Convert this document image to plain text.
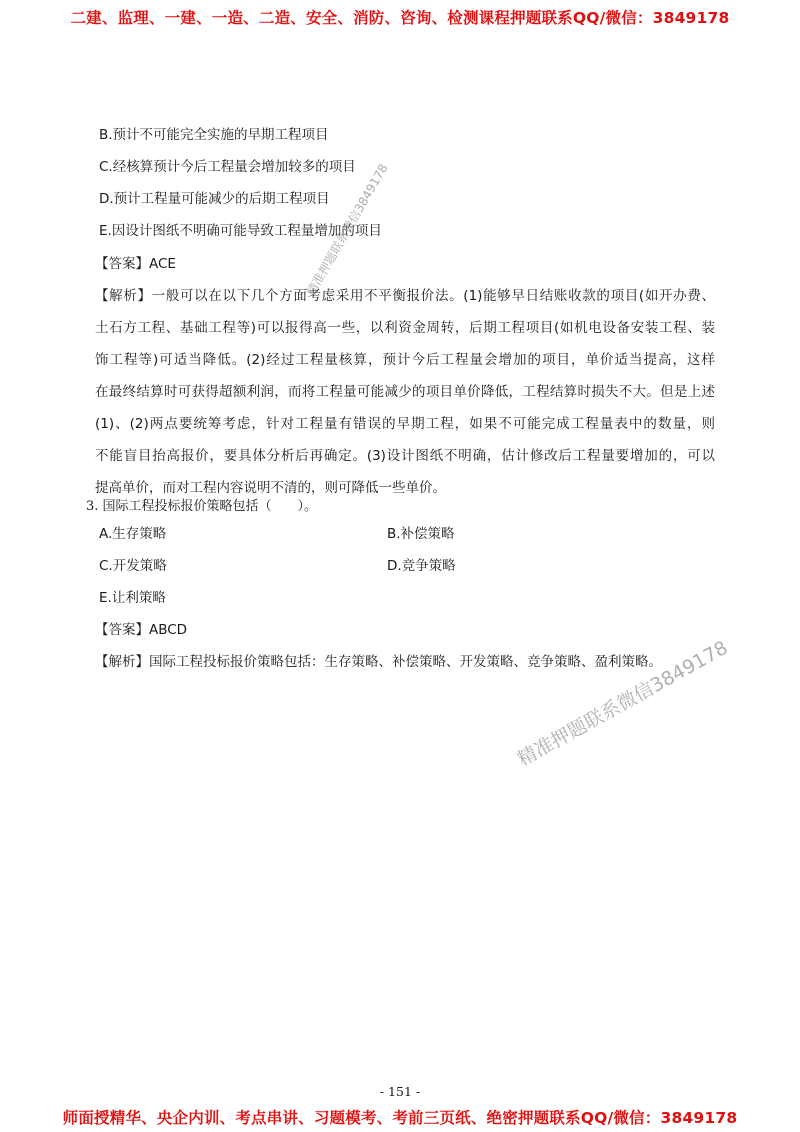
二建、监理、一建、一造、二造、安全、消防、咨询、检测课程押题联系QQ/微信：3849178
B.预计不可能完全实施的早期工程项目
C.经核算预计今后工程量会增加较多的项目
D.预计工程量可能减少的后期工程项目
E.因设计图纸不明确可能导致工程量增加的项目
【答案】ACE
【解析】一般可以在以下几个方面考虑采用不平衡报价法。(1)能够早日结账收款的项目(如开办费、
土石方工程、基础工程等)可以报得高一些，以利资金周转，后期工程项目(如机电设备安装工程、装
饰工程等)可适当降低。(2)经过工程量核算，预计今后工程量会增加的项目，单价适当提高，这样
在最终结算时可获得超额利润，而将工程量可能减少的项目单价降低，工程结算时损失不大。但是上述
(1)、(2)两点要统筹考虑，针对工程量有错误的早期工程，如果不可能完成工程量表中的数量，则
不能盲目抬高报价，要具体分析后再确定。(3)设计图纸不明确，估计修改后工程量要增加的，可以
提高单价，而对工程内容说明不清的，则可降低一些单价。
3. 国际工程投标报价策略包括（　　）。
A.生存策略	B.补偿策略
C.开发策略	D.竞争策略
E.让利策略
【答案】ABCD
【解析】国际工程投标报价策略包括：生存策略、补偿策略、开发策略、竞争策略、盈利策略。
精准押题联系微信3849178
精准押题联系微信3849178
- 151 -
师面授精华、央企内训、考点串讲、习题模考、考前三页纸、绝密押题联系QQ/微信：3849178
